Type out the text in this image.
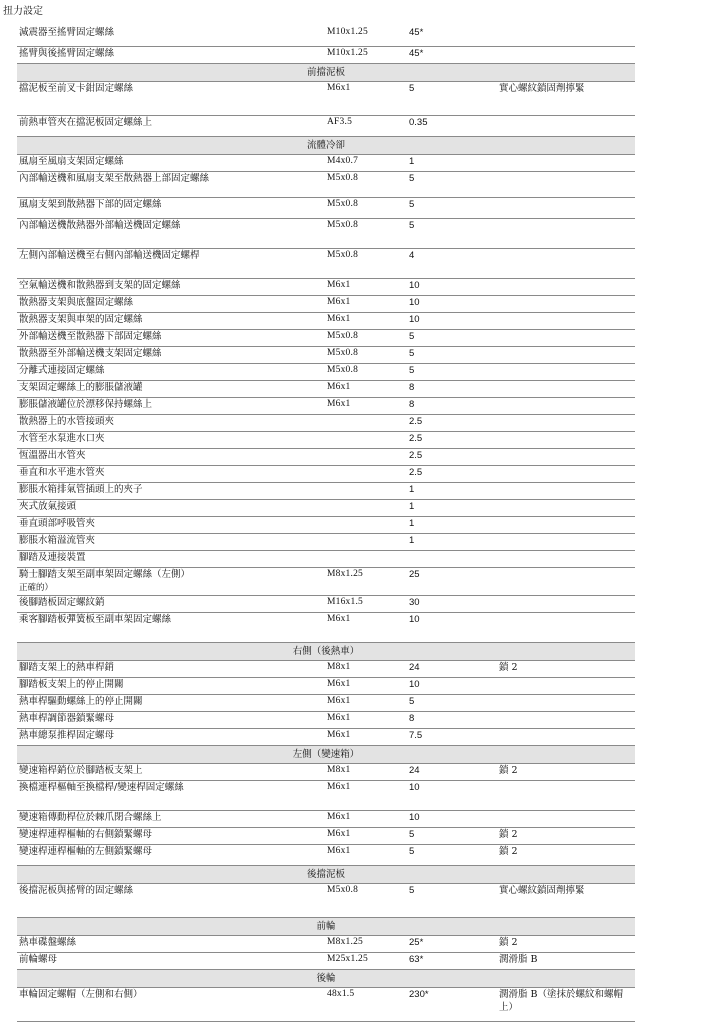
扭力設定
減震器至搖臂固定螺絲	M10x1.25	45*	
搖臂與後搖臂固定螺絲	M10x1.25	45*	
前擋泥板			
擋泥板至前叉卡鉗固定螺絲	M6x1	5	實心螺紋鎖固劑擰緊
前熱車管夾在擋泥板固定螺絲上	AF3.5	0.35	
流體冷卻			
風扇至風扇支架固定螺絲	M4x0.7	1	
內部輸送機和風扇支架至散熱器上部固定螺絲	M5x0.8	5	
風扇支架到散熱器下部的固定螺絲	M5x0.8	5	
內部輸送機散熱器外部輸送機固定螺絲	M5x0.8	5	
左側內部輸送機至右側內部輸送機固定螺桿	M5x0.8	4	
空氣輸送機和散熱器到支架的固定螺絲	M6x1	10	
散熱器支架與底盤固定螺絲	M6x1	10	
散熱器支架與車架的固定螺絲	M6x1	10	
外部輸送機至散熱器下部固定螺絲	M5x0.8	5	
散熱器至外部輸送機支架固定螺絲	M5x0.8	5	
分離式連接固定螺絲	M5x0.8	5	
支架固定螺絲上的膨脹儲液罐	M6x1	8	
膨脹儲液罐位於漂移保持螺絲上	M6x1	8	
散熱器上的水管接頭夾		2.5	
水管至水泵進水口夾		2.5	
恆溫器出水管夾		2.5	
垂直和水平進水管夾		2.5	
膨脹水箱排氣管插頭上的夾子		1	
夾式放氣接頭		1	
垂直頭部呼吸管夾		1	
膨脹水箱溢流管夾		1	
腳踏及連接裝置			
騎士腳踏支架至副車架固定螺絲（左側）
正確的）	M8x1.25	25	
後腳踏板固定螺紋銷	M16x1.5	30	
乘客腳踏板彈簧板至副車架固定螺絲	M6x1	10	
右側（後熱車）			
腳踏支架上的熱車桿銷	M8x1	24	鎖 2
腳踏板支架上的停止開關	M6x1	10	
熱車桿驅動螺絲上的停止開關	M6x1	5	
熱車桿調節器鎖緊螺母	M6x1	8	
熱車總泵推桿固定螺母	M6x1	7.5	
左側（變速箱）			
變速箱桿銷位於腳踏板支架上	M8x1	24	鎖 2
換檔連桿樞軸至換檔桿/變速桿固定螺絲	M6x1	10	
變速箱傳動桿位於棘爪閉合螺絲上	M6x1	10	
變速桿連桿樞軸的右側鎖緊螺母	M6x1	5	鎖 2
變速桿連桿樞軸的左側鎖緊螺母	M6x1	5	鎖 2
後擋泥板			
後擋泥板與搖臂的固定螺絲	M5x0.8	5	實心螺紋鎖固劑擰緊
前輪			
熱車碟盤螺絲	M8x1.25	25*	鎖 2
前輪螺母	M25x1.25	63*	潤滑脂 B
後輪			
車輪固定螺帽（左側和右側）	48x1.5	230*	潤滑脂 B（塗抹於螺紋和螺帽上）
